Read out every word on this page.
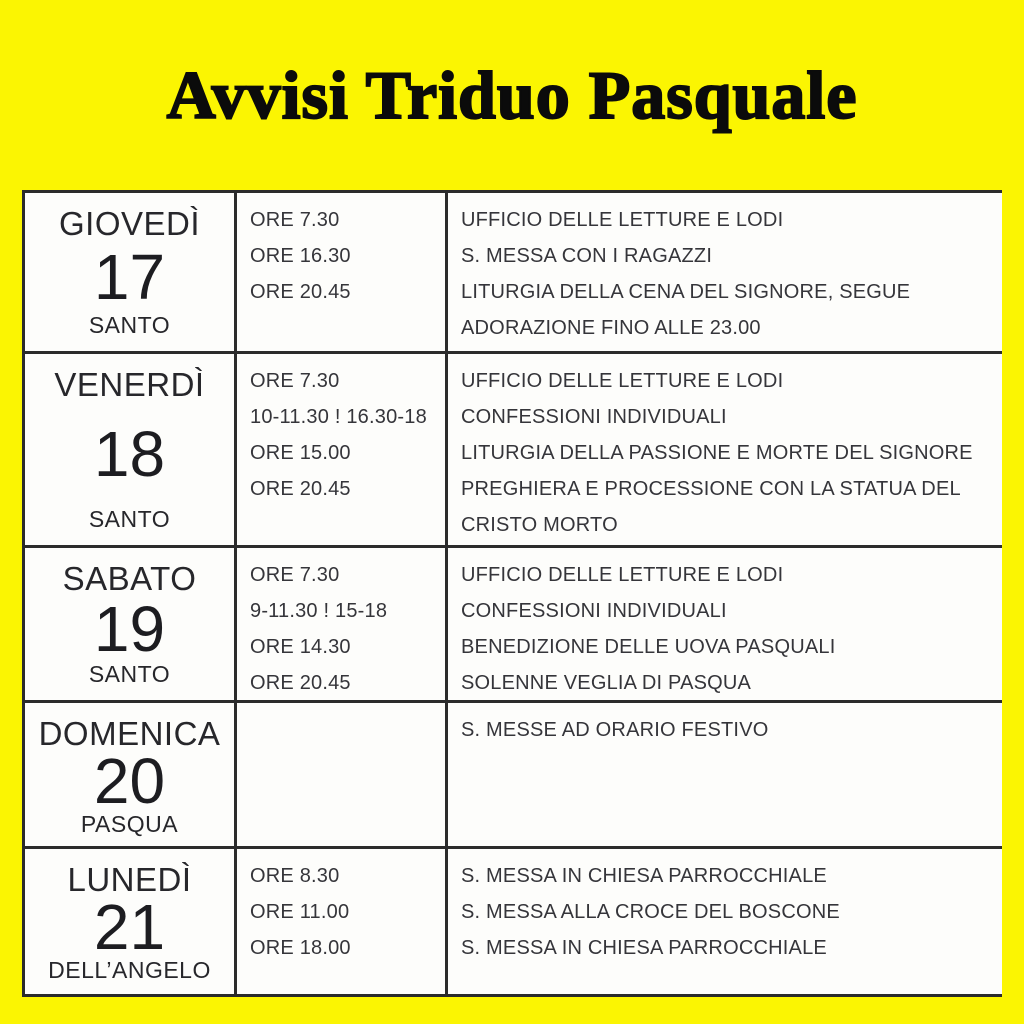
Avvisi Triduo Pasquale
GIOVEDÌ
17
SANTO
ORE 7.30
ORE 16.30
ORE 20.45
UFFICIO DELLE LETTURE E LODI
S. MESSA CON I RAGAZZI
LITURGIA DELLA CENA DEL SIGNORE, SEGUE ADORAZIONE FINO ALLE 23.00
VENERDÌ
18
SANTO
ORE 7.30
10-11.30 ! 16.30-18
ORE 15.00
ORE 20.45
UFFICIO DELLE LETTURE E LODI
CONFESSIONI INDIVIDUALI
LITURGIA DELLA PASSIONE E MORTE DEL SIGNORE
PREGHIERA E PROCESSIONE CON LA STATUA DEL CRISTO MORTO
SABATO
19
SANTO
ORE 7.30
9-11.30 ! 15-18
ORE 14.30
ORE 20.45
UFFICIO DELLE LETTURE E LODI
CONFESSIONI INDIVIDUALI
BENEDIZIONE DELLE UOVA PASQUALI
SOLENNE VEGLIA DI PASQUA
DOMENICA
20
PASQUA
S. MESSE AD ORARIO FESTIVO
LUNEDÌ
21
DELL’ANGELO
ORE 8.30
ORE 11.00
ORE 18.00
S. MESSA IN CHIESA PARROCCHIALE
S. MESSA ALLA CROCE DEL BOSCONE
S. MESSA IN CHIESA PARROCCHIALE
